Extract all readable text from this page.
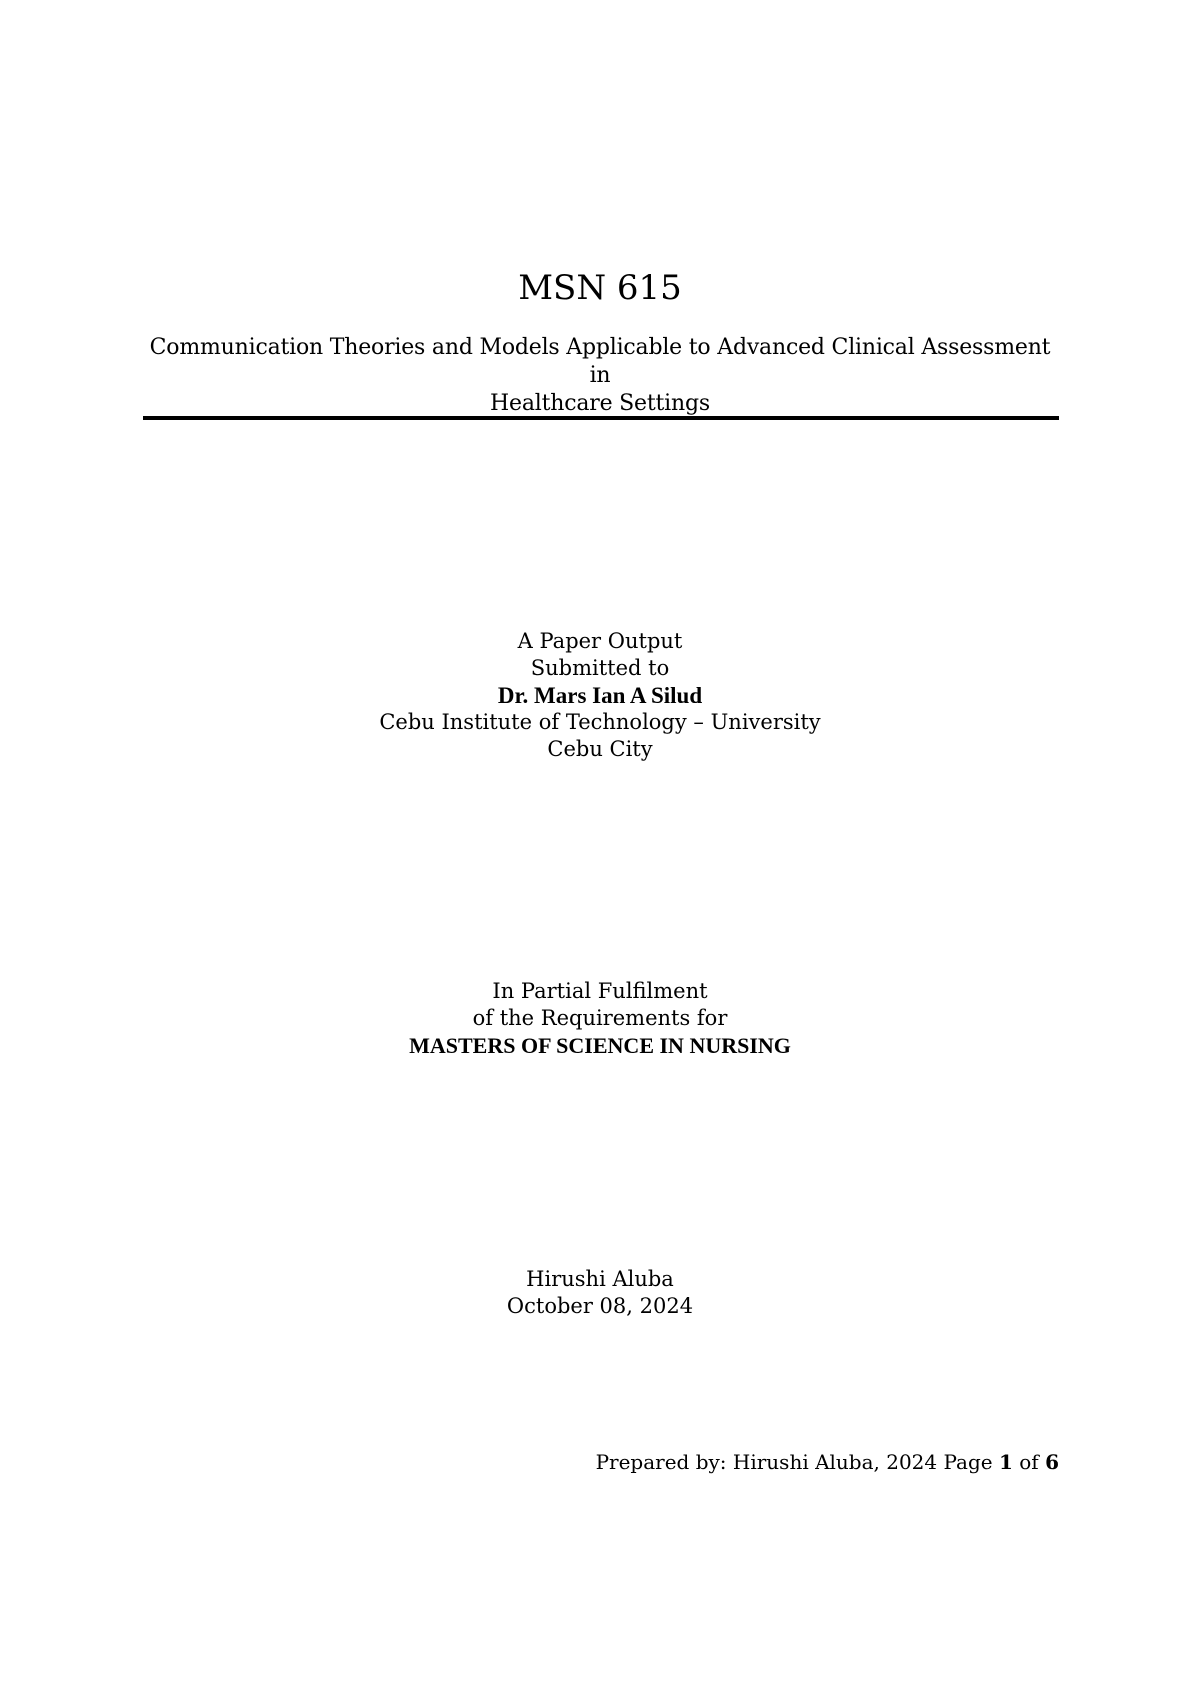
MSN 615
Communication Theories and Models Applicable to Advanced Clinical Assessment in
Healthcare Settings
A Paper Output
Submitted to
Dr. Mars Ian A Silud
Cebu Institute of Technology – University
Cebu City
In Partial Fulfilment
of the Requirements for
MASTERS OF SCIENCE IN NURSING
Hirushi Aluba
October 08, 2024
Prepared by: Hirushi Aluba, 2024 Page 1 of 6
